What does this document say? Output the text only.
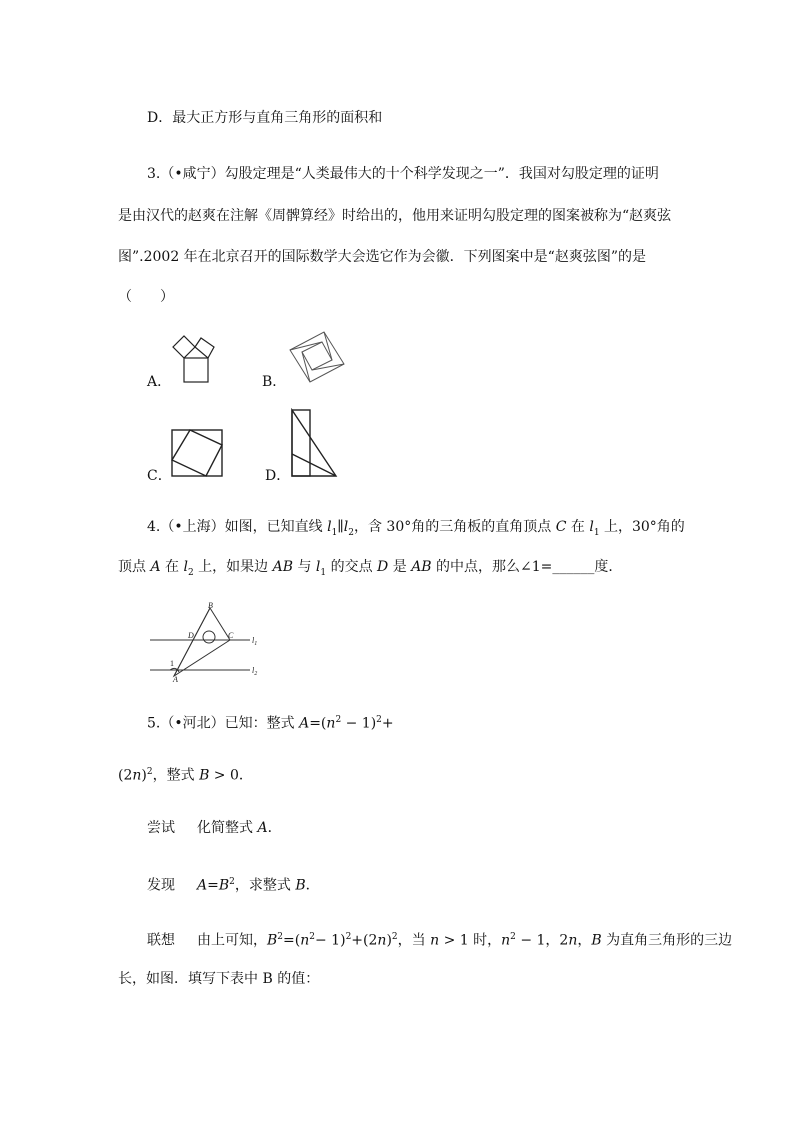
D．最大正方形与直角三角形的面积和
3.（•咸宁）勾股定理是“人类最伟大的十个科学发现之一”．我国对勾股定理的证明
是由汉代的赵爽在注解《周髀算经》时给出的，他用来证明勾股定理的图案被称为“赵爽弦
图”.2002 年在北京召开的国际数学大会选它作为会徽．下列图案中是“赵爽弦图”的是
（　　）
A．	B．
C．	D．
4.（•上海）如图，已知直线 $l_1\parallel l_2$，含 30°角的三角板的直角顶点 C 在 $l_1$ 上，30°角的
顶点 A 在 $l_2$ 上，如果边 AB 与 $l_1$ 的交点 D 是 AB 的中点，那么∠1=______度．
B
D	C
1
A
$l_1$
$l_2$
5.（•河北）已知：整式 $A=(n^2 - 1)^2+$
$(2n)^2$，整式 B > 0．
尝试 化简整式 A．
发现 $A=B^2$，求整式 B．
联想 由上可知，$B^2=(n^2- 1)^2+(2n)^2$，当 n > 1 时，$n^2 - 1$，2n，B 为直角三角形的三边
长，如图．填写下表中 B 的值：
